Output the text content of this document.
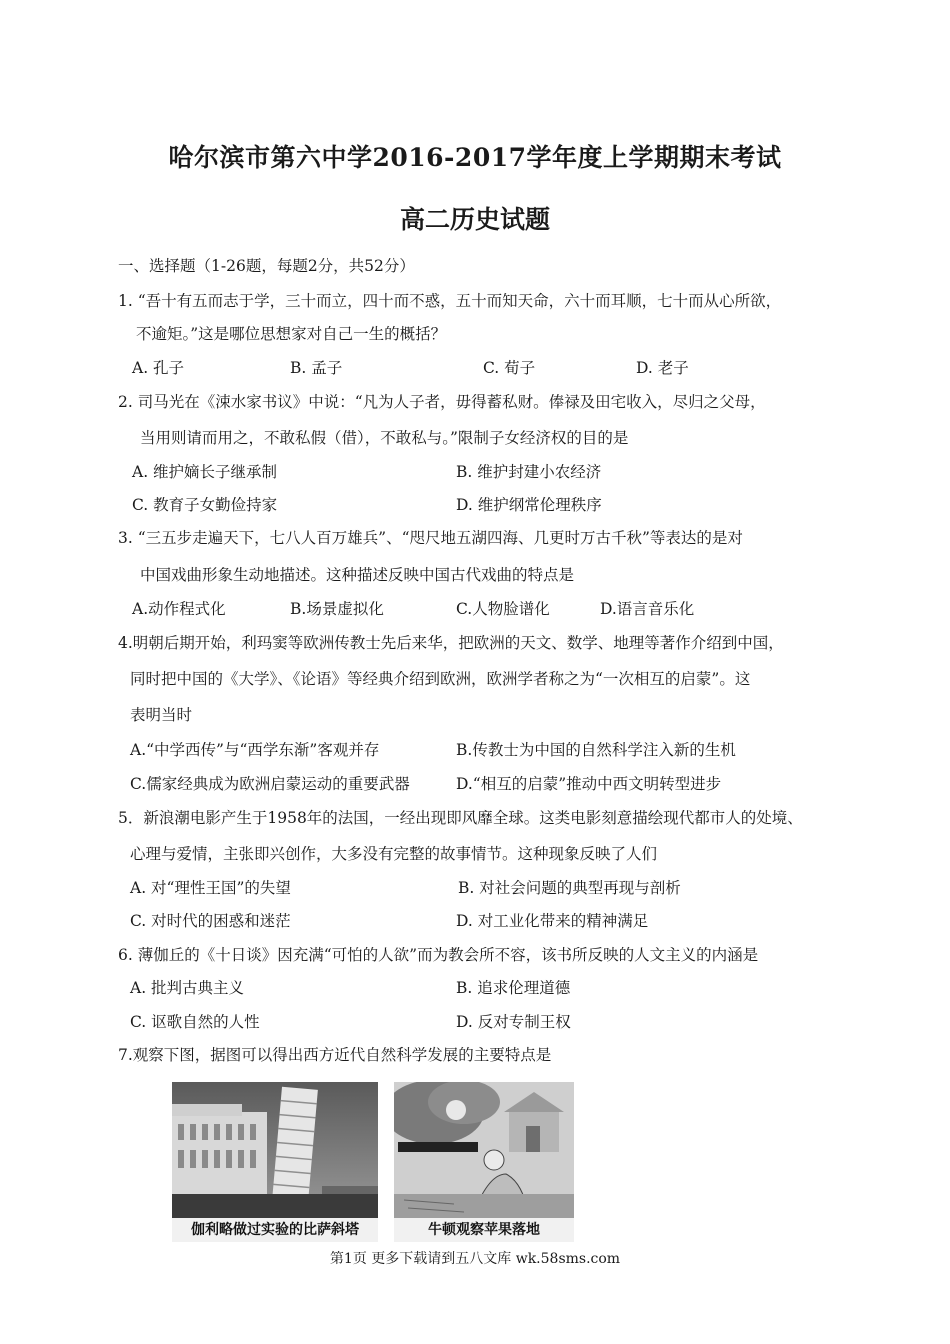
哈尔滨市第六中学2016-2017学年度上学期期末考试
高二历史试题
一、选择题（1-26题，每题2分，共52分）
1. “吾十有五而志于学，三十而立，四十而不惑，五十而知天命，六十而耳顺，七十而从心所欲，
不逾矩。”这是哪位思想家对自己一生的概括？
A. 孔子	B. 孟子	C. 荀子	D. 老子
2. 司马光在《涑水家书议》中说：“凡为人子者，毋得蓄私财。俸禄及田宅收入，尽归之父母，
当用则请而用之，不敢私假（借），不敢私与。”限制子女经济权的目的是
A. 维护嫡长子继承制	B. 维护封建小农经济
C. 教育子女勤俭持家	D. 维护纲常伦理秩序
3. “三五步走遍天下，七八人百万雄兵”、“咫尺地五湖四海、几更时万古千秋”等表达的是对
中国戏曲形象生动地描述。这种描述反映中国古代戏曲的特点是
A.动作程式化	B.场景虚拟化	C.人物脸谱化	D.语言音乐化
4.明朝后期开始，利玛窦等欧洲传教士先后来华，把欧洲的天文、数学、地理等著作介绍到中国，
同时把中国的《大学》、《论语》等经典介绍到欧洲，欧洲学者称之为“一次相互的启蒙”。这
表明当时
A.“中学西传”与“西学东渐”客观并存	B.传教士为中国的自然科学注入新的生机
C.儒家经典成为欧洲启蒙运动的重要武器	D.“相互的启蒙”推动中西文明转型进步
5．新浪潮电影产生于1958年的法国，一经出现即风靡全球。这类电影刻意描绘现代都市人的处境、
心理与爱情，主张即兴创作，大多没有完整的故事情节。这种现象反映了人们
A. 对“理性王国”的失望	B. 对社会问题的典型再现与剖析
C. 对时代的困惑和迷茫	D. 对工业化带来的精神满足
6. 薄伽丘的《十日谈》因充满“可怕的人欲”而为教会所不容，该书所反映的人文主义的内涵是
A. 批判古典主义	B. 追求伦理道德
C. 讴歌自然的人性	D. 反对专制王权
7.观察下图，据图可以得出西方近代自然科学发展的主要特点是
伽利略做过实验的比萨斜塔	牛顿观察苹果落地
第1页 更多下载请到五八文库 wk.58sms.com
